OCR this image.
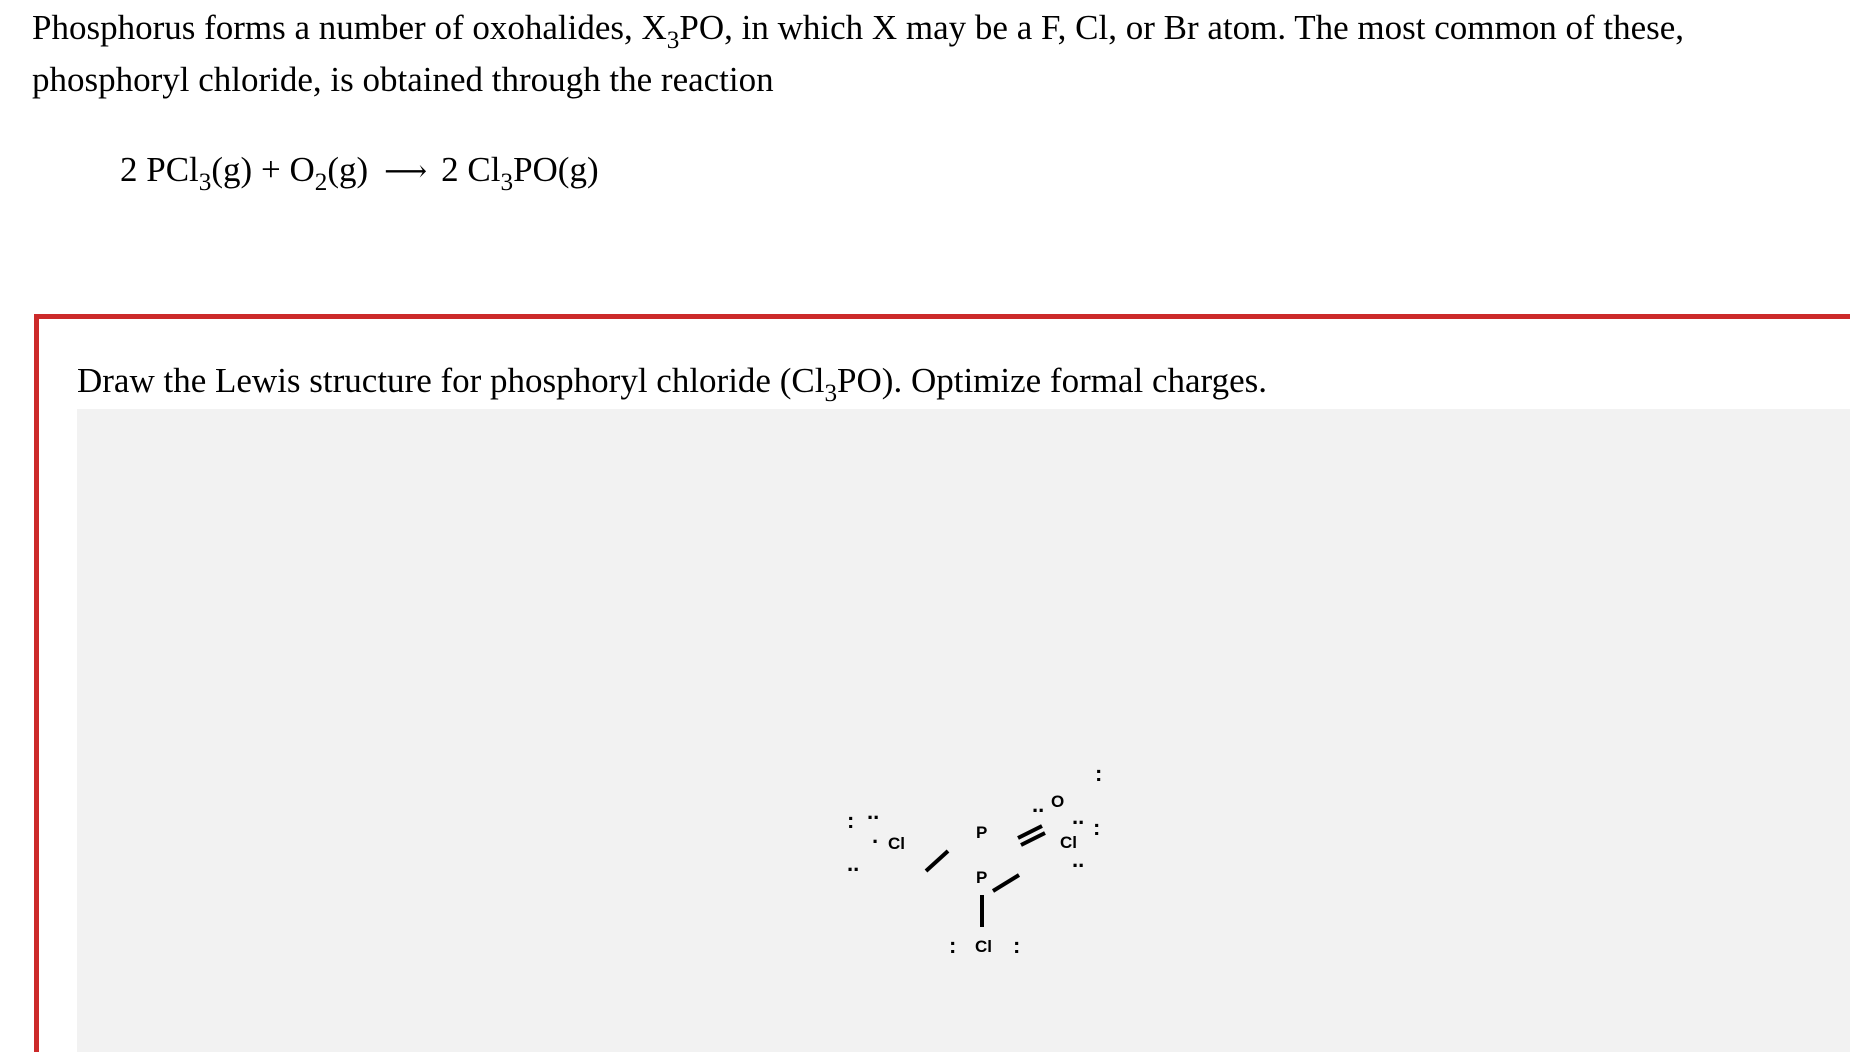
Phosphorus forms a number of oxohalides, $X_3PO$, in which X may be a F, Cl, or Br atom. The most common of these, phosphoryl chloride, is obtained through the reaction
2 $PCl_3(g) + O_2(g)$ ⟶ 2 $Cl_3PO(g)$
Draw the Lewis structure for phosphoryl chloride $(Cl_3PO)$. Optimize formal charges.
Cl
P
P
O
Cl
Cl
: ..
..
·
..
:
.. :
..
:	:
